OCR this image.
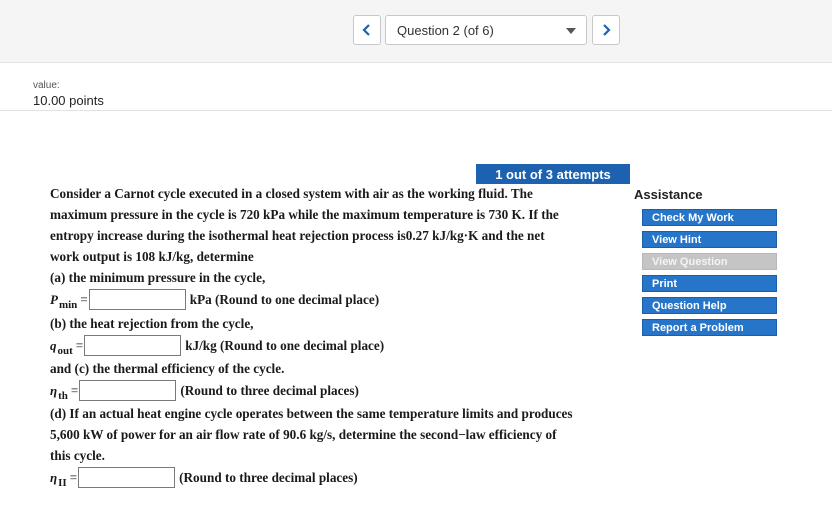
Question 2 (of 6)
value:
10.00 points
1 out of 3 attempts
Consider a Carnot cycle executed in a closed system with air as the working fluid. The
maximum pressure in the cycle is 720 kPa while the maximum temperature is 730 K. If the
entropy increase during the isothermal heat rejection process is0.27 kJ/kg·K and the net
work output is 108 kJ/kg, determine
(a) the minimum pressure in the cycle,
$P_{min}$ =	kPa (Round to one decimal place)
(b) the heat rejection from the cycle,
$q_{out}$ =	kJ/kg (Round to one decimal place)
and (c) the thermal efficiency of the cycle.
$\eta_{th}$ =	(Round to three decimal places)
(d) If an actual heat engine cycle operates between the same temperature limits and produces
5,600 kW of power for an air flow rate of 90.6 kg/s, determine the second−law efficiency of
this cycle.
$\eta_{II}$ =	(Round to three decimal places)
Assistance
Check My Work
View Hint
View Question
Print
Question Help
Report a Problem
